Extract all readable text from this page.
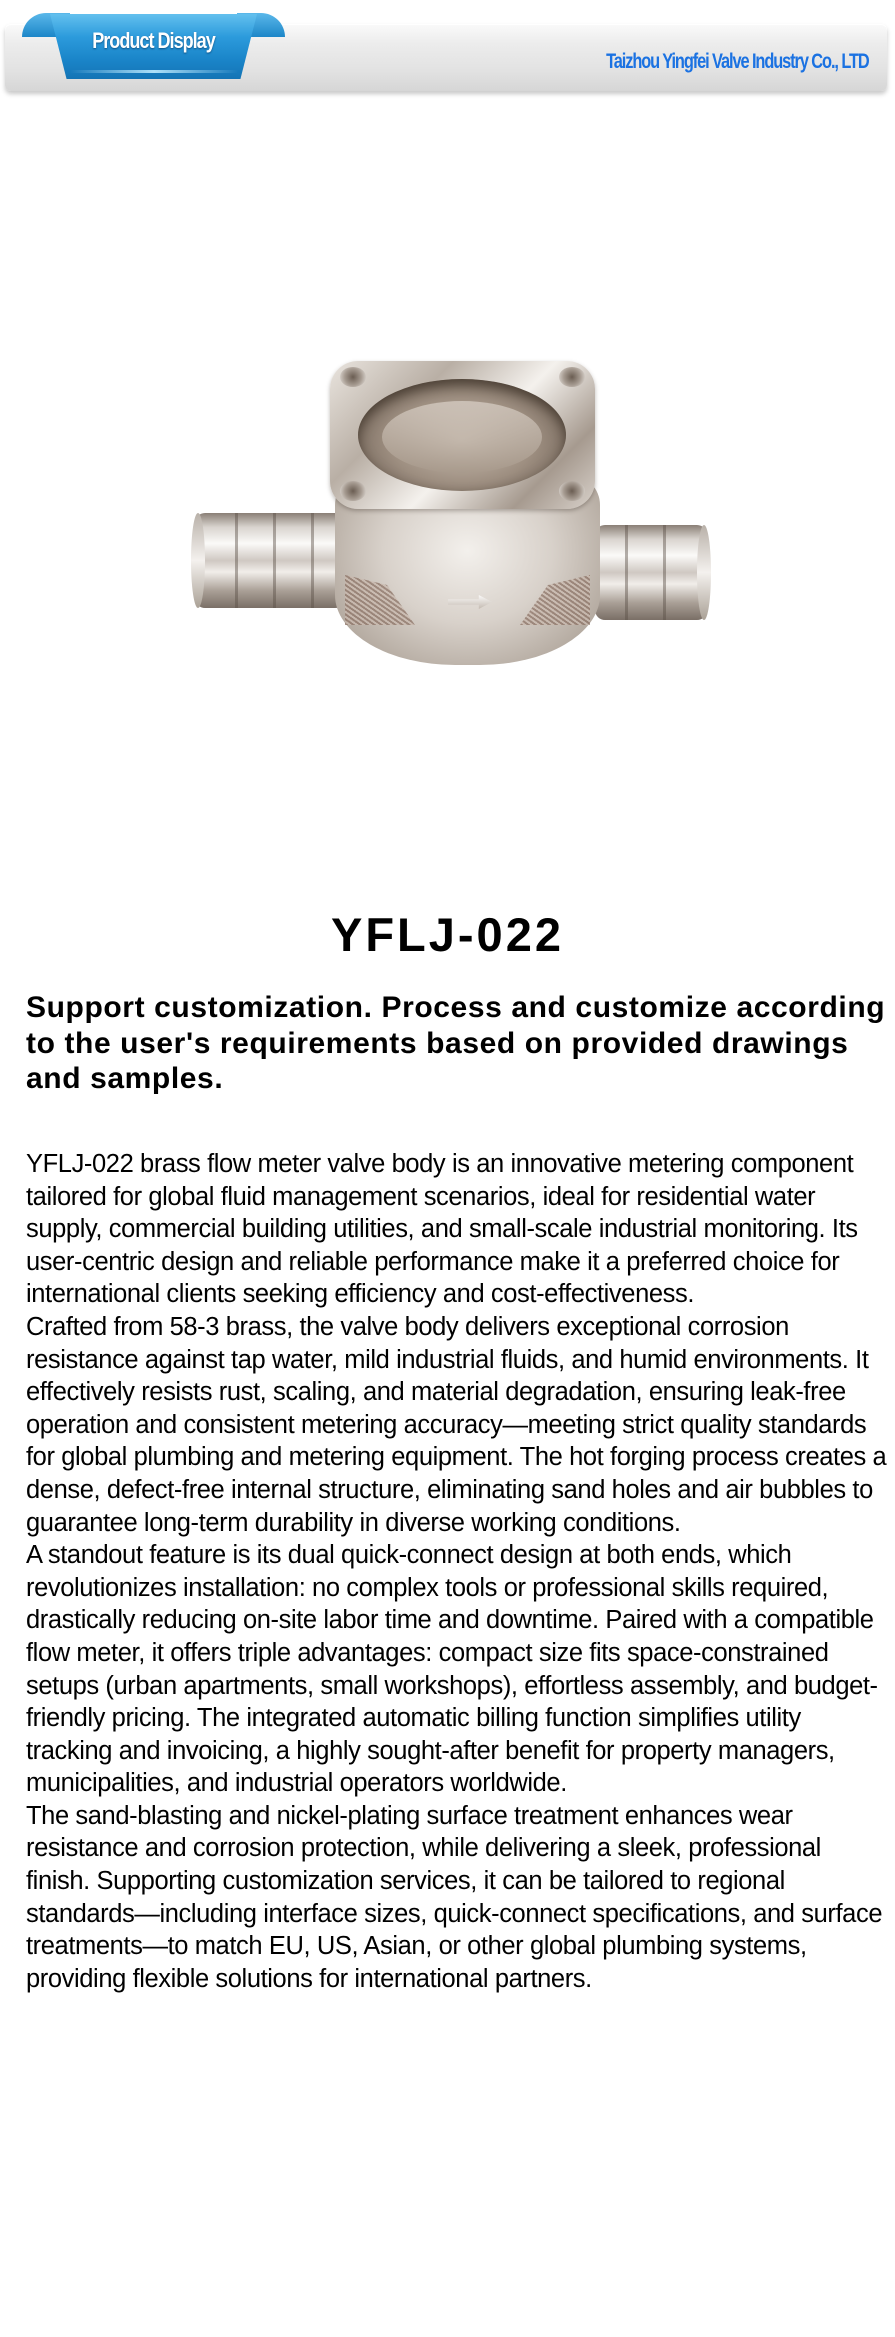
Product Display
Taizhou Yingfei Valve Industry Co., LTD
YFLJ-022
Support customization. Process and customize according to the user's requirements based on provided drawings and samples.

YFLJ-022 brass flow meter valve body is an innovative metering component tailored for global fluid management scenarios, ideal for residential water supply, commercial building utilities, and small-scale industrial monitoring. Its user-centric design and reliable performance make it a preferred choice for international clients seeking efficiency and cost-effectiveness.

Crafted from 58-3 brass, the valve body delivers exceptional corrosion resistance against tap water, mild industrial fluids, and humid environments. It effectively resists rust, scaling, and material degradation, ensuring leak-free operation and consistent metering accuracy—meeting strict quality standards for global plumbing and metering equipment. The hot forging process creates a dense, defect-free internal structure, eliminating sand holes and air bubbles to guarantee long-term durability in diverse working conditions.

A standout feature is its dual quick-connect design at both ends, which revolutionizes installation: no complex tools or professional skills required, drastically reducing on-site labor time and downtime. Paired with a compatible flow meter, it offers triple advantages: compact size fits space-constrained setups (urban apartments, small workshops), effortless assembly, and budget-friendly pricing. The integrated automatic billing function simplifies utility tracking and invoicing, a highly sought-after benefit for property managers, municipalities, and industrial operators worldwide.

The sand-blasting and nickel-plating surface treatment enhances wear resistance and corrosion protection, while delivering a sleek, professional finish. Supporting customization services, it can be tailored to regional standards—including interface sizes, quick-connect specifications, and surface treatments—to match EU, US, Asian, or other global plumbing systems, providing flexible solutions for international partners.
